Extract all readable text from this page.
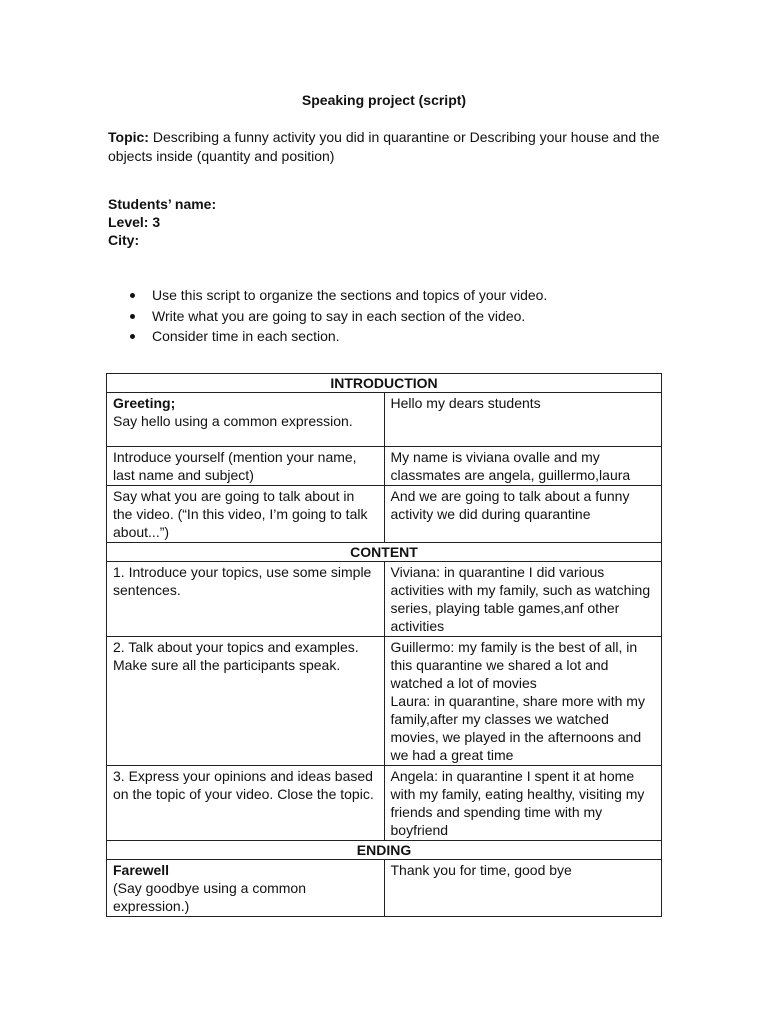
Speaking project (script)
Topic: Describing a funny activity you did in quarantine or Describing your house and the objects inside (quantity and position)
Students’ name:
Level: 3
City:
Use this script to organize the sections and topics of your video.
Write what you are going to say in each section of the video.
Consider time in each section.
INTRODUCTION	

Greeting;
Say hello using a common expression.	Hello my dears students
Introduce yourself (mention your name, last name and subject)	My name is viviana ovalle and my classmates are angela, guillermo,laura
Say what you are going to talk about in the video. (“In this video, I’m going to talk about...”)	And we are going to talk about a funny activity we did during quarantine
CONTENT	
1. Introduce your topics, use some simple sentences.	Viviana: in quarantine I did various activities with my family, such as watching series, playing table games,anf other activities
2. Talk about your topics and examples. Make sure all the participants speak.	Guillermo: my family is the best of all, in this quarantine we shared a lot and watched a lot of movies
Laura: in quarantine, share more with my family,after my classes we watched movies, we played in the afternoons and we had a great time

3. Express your opinions and ideas based on the topic of your video. Close the topic.	Angela: in quarantine I spent it at home with my family, eating healthy, visiting my friends and spending time with my boyfriend
ENDING	

Farewell
(Say goodbye using a common expression.)	Thank you for time, good bye
